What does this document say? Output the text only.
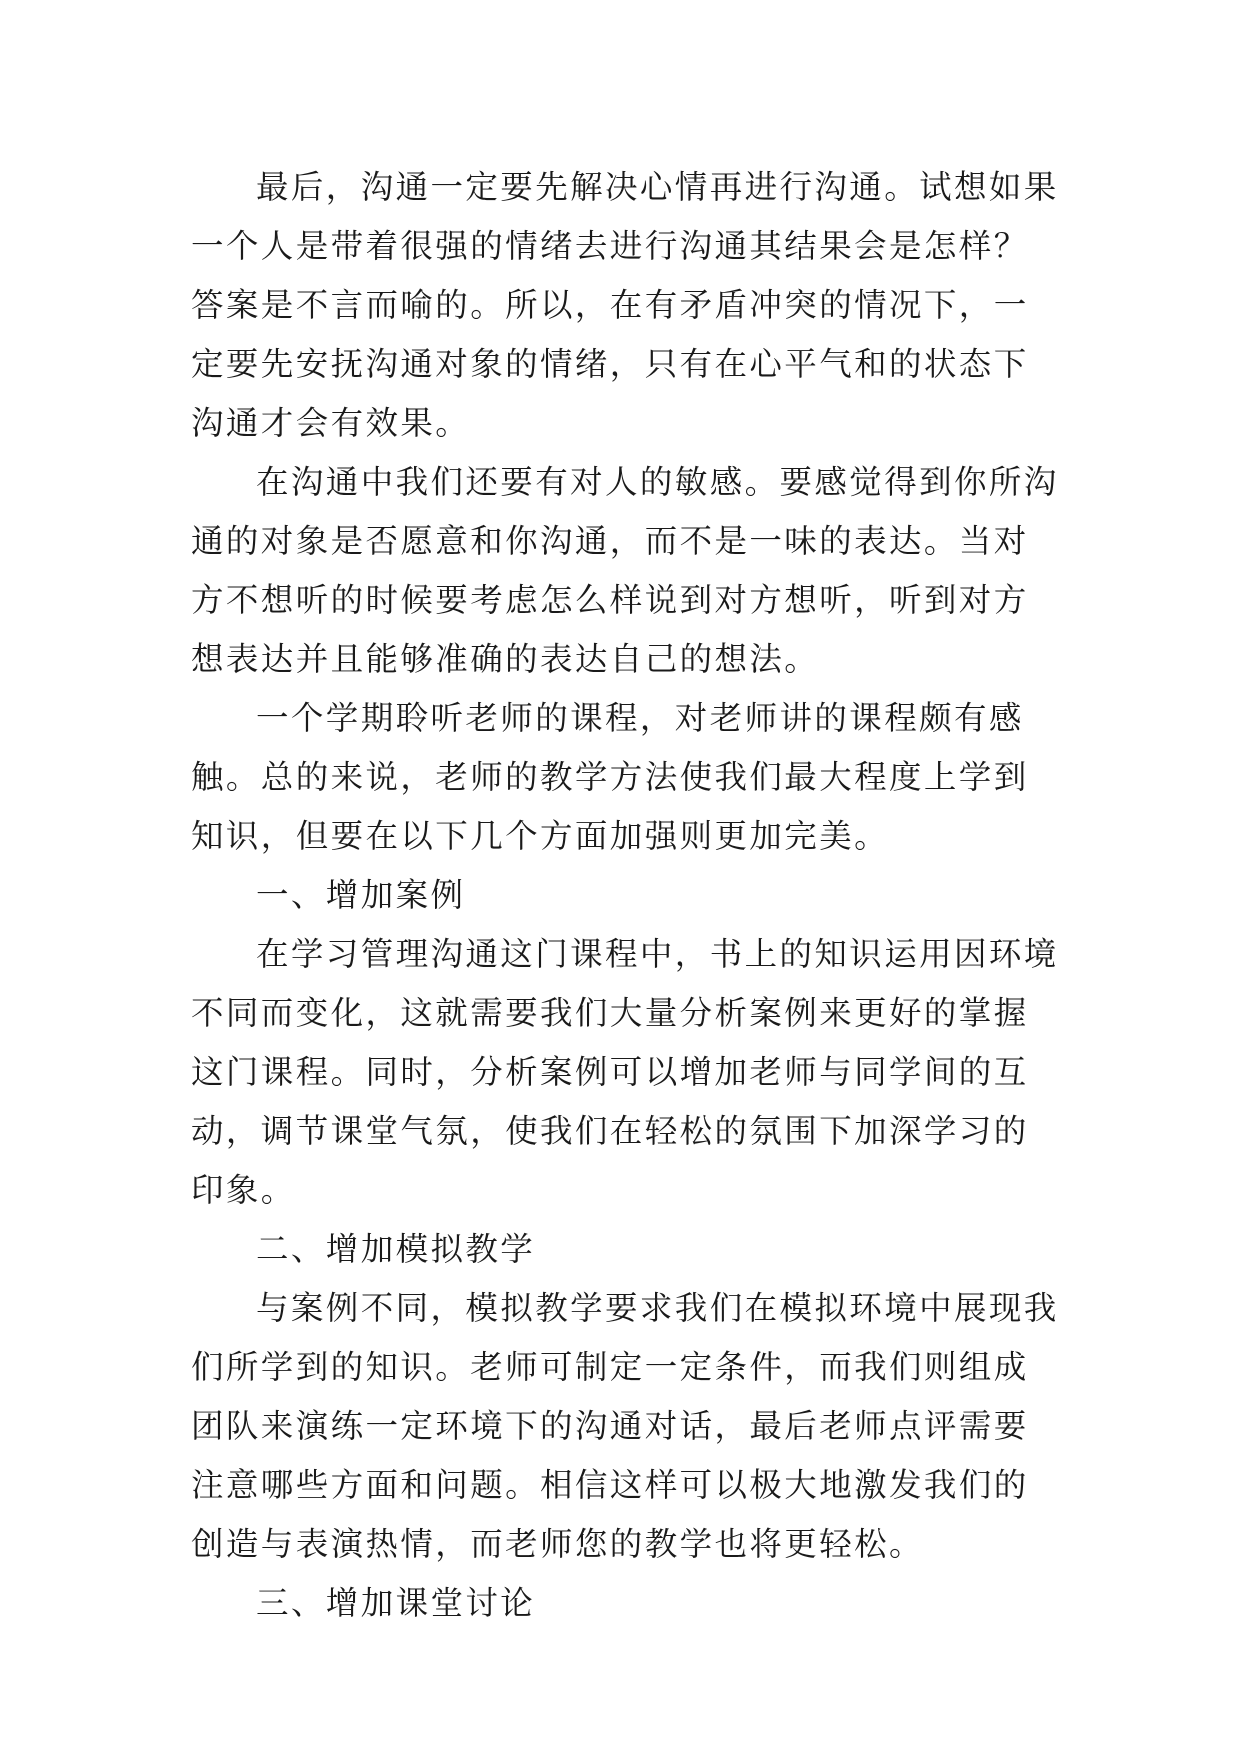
最后，沟通一定要先解决心情再进行沟通。试想如果一个人是带着很强的情绪去进行沟通其结果会是怎样？答案是不言而喻的。所以，在有矛盾冲突的情况下，一定要先安抚沟通对象的情绪，只有在心平气和的状态下沟通才会有效果。

在沟通中我们还要有对人的敏感。要感觉得到你所沟通的对象是否愿意和你沟通，而不是一味的表达。当对方不想听的时候要考虑怎么样说到对方想听，听到对方想表达并且能够准确的表达自己的想法。

一个学期聆听老师的课程，对老师讲的课程颇有感触。总的来说，老师的教学方法使我们最大程度上学到知识，但要在以下几个方面加强则更加完美。

一、增加案例

在学习管理沟通这门课程中，书上的知识运用因环境不同而变化，这就需要我们大量分析案例来更好的掌握这门课程。同时，分析案例可以增加老师与同学间的互动，调节课堂气氛，使我们在轻松的氛围下加深学习的印象。

二、增加模拟教学

与案例不同，模拟教学要求我们在模拟环境中展现我们所学到的知识。老师可制定一定条件，而我们则组成团队来演练一定环境下的沟通对话，最后老师点评需要注意哪些方面和问题。相信这样可以极大地激发我们的创造与表演热情，而老师您的教学也将更轻松。

三、增加课堂讨论
